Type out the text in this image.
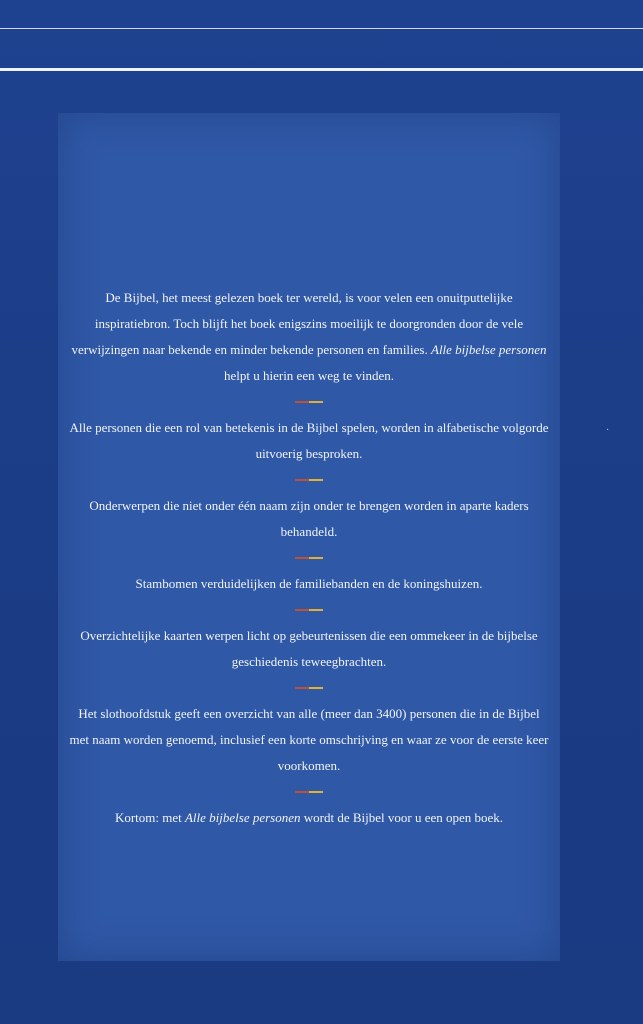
De Bijbel, het meest gelezen boek ter wereld, is voor velen een onuitputtelijke inspiratiebron. Toch blijft het boek enigszins moeilijk te doorgronden door de vele verwijzingen naar bekende en minder bekende personen en families. Alle bijbelse personen helpt u hierin een weg te vinden.

Alle personen die een rol van betekenis in de Bijbel spelen, worden in alfabetische volgorde uitvoerig besproken.

Onderwerpen die niet onder één naam zijn onder te brengen worden in aparte kaders behandeld.

Stambomen verduidelijken de familiebanden en de koningshuizen.

Overzichtelijke kaarten werpen licht op gebeurtenissen die een ommekeer in de bijbelse geschiedenis teweegbrachten.

Het slothoofdstuk geeft een overzicht van alle (meer dan 3400) personen die in de Bijbel met naam worden genoemd, inclusief een korte omschrijving en waar ze voor de eerste keer voorkomen.

Kortom: met Alle bijbelse personen wordt de Bijbel voor u een open boek.

·
